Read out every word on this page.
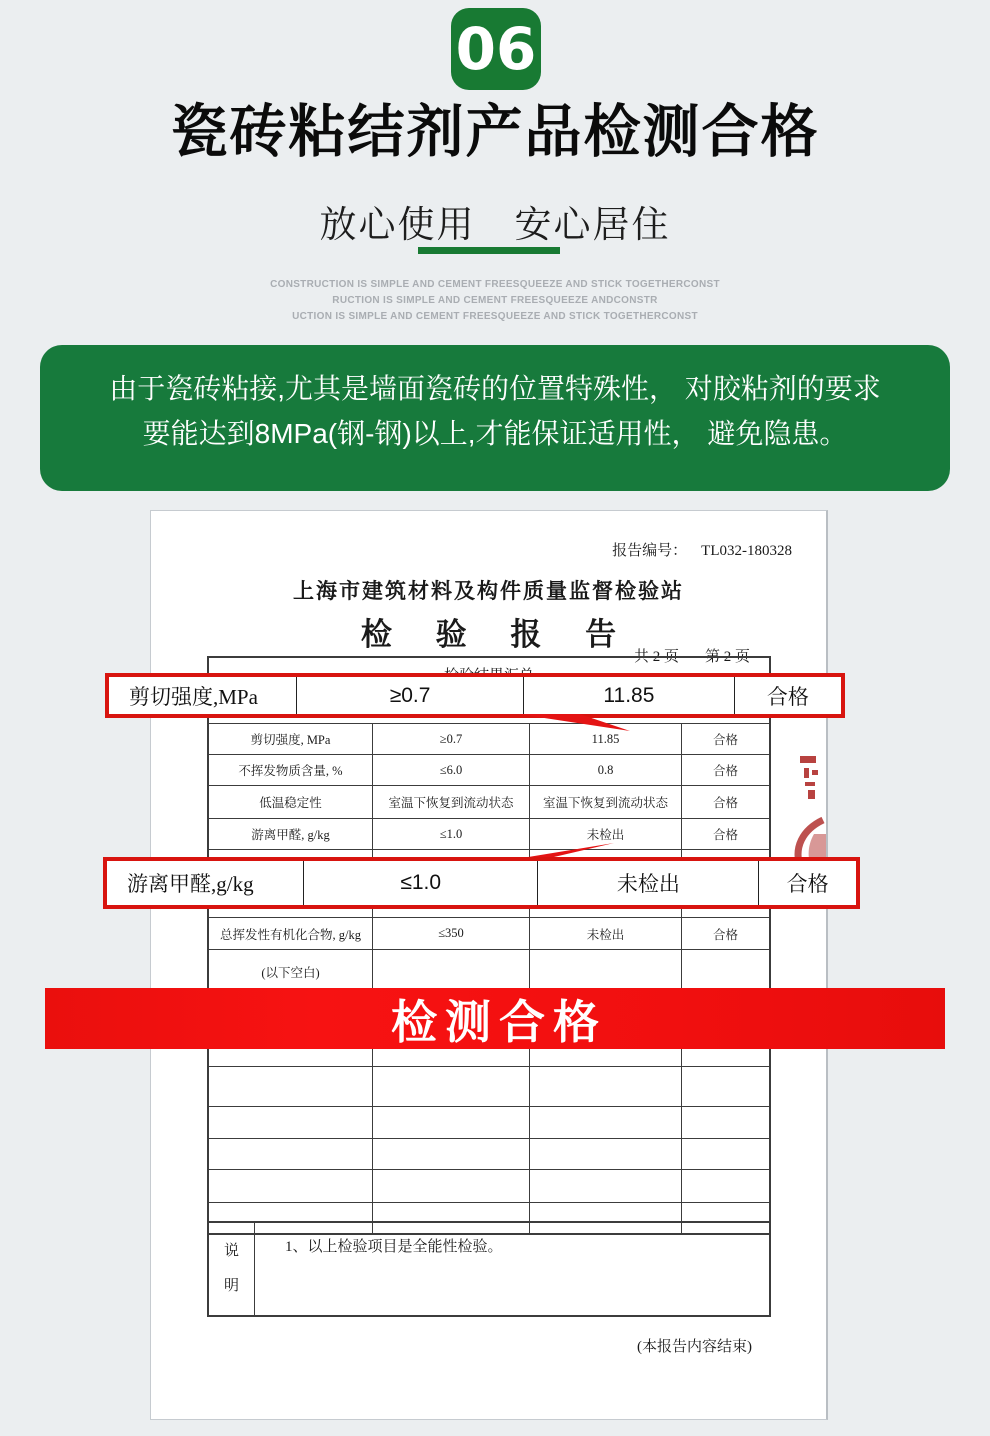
06
瓷砖粘结剂产品检测合格
放心使用　安心居住
CONSTRUCTION IS SIMPLE AND CEMENT FREESQUEEZE AND STICK TOGETHERCONST
RUCTION IS SIMPLE AND CEMENT FREESQUEEZE ANDCONSTR
UCTION IS SIMPLE AND CEMENT FREESQUEEZE AND STICK TOGETHERCONST
由于瓷砖粘接,尤其是墙面瓷砖的位置特殊性， 对胶粘剂的要求
要能达到8MPa(钢-钢)以上,才能保证适用性， 避免隐患。
报告编号： TL032-180328
上海市建筑材料及构件质量监督检验站
检 验 报 告
共 2 页 第 2 页
剪切强度, MPa	≥0.7	11.85	合格
不挥发物质含量, %	≤6.0	0.8	合格
低温稳定性	室温下恢复到流动状态	室温下恢复到流动状态	合格
游离甲醛, g/kg	≤1.0	未检出	合格
总挥发性有机化合物, g/kg	≤350	未检出	合格
(以下空白)
说
明
1、以上检验项目是全能性检验。
(本报告内容结束)
剪切强度,MPa	≥0.7	11.85	合格
游离甲醛,g/kg	≤1.0	未检出	合格
检测合格
